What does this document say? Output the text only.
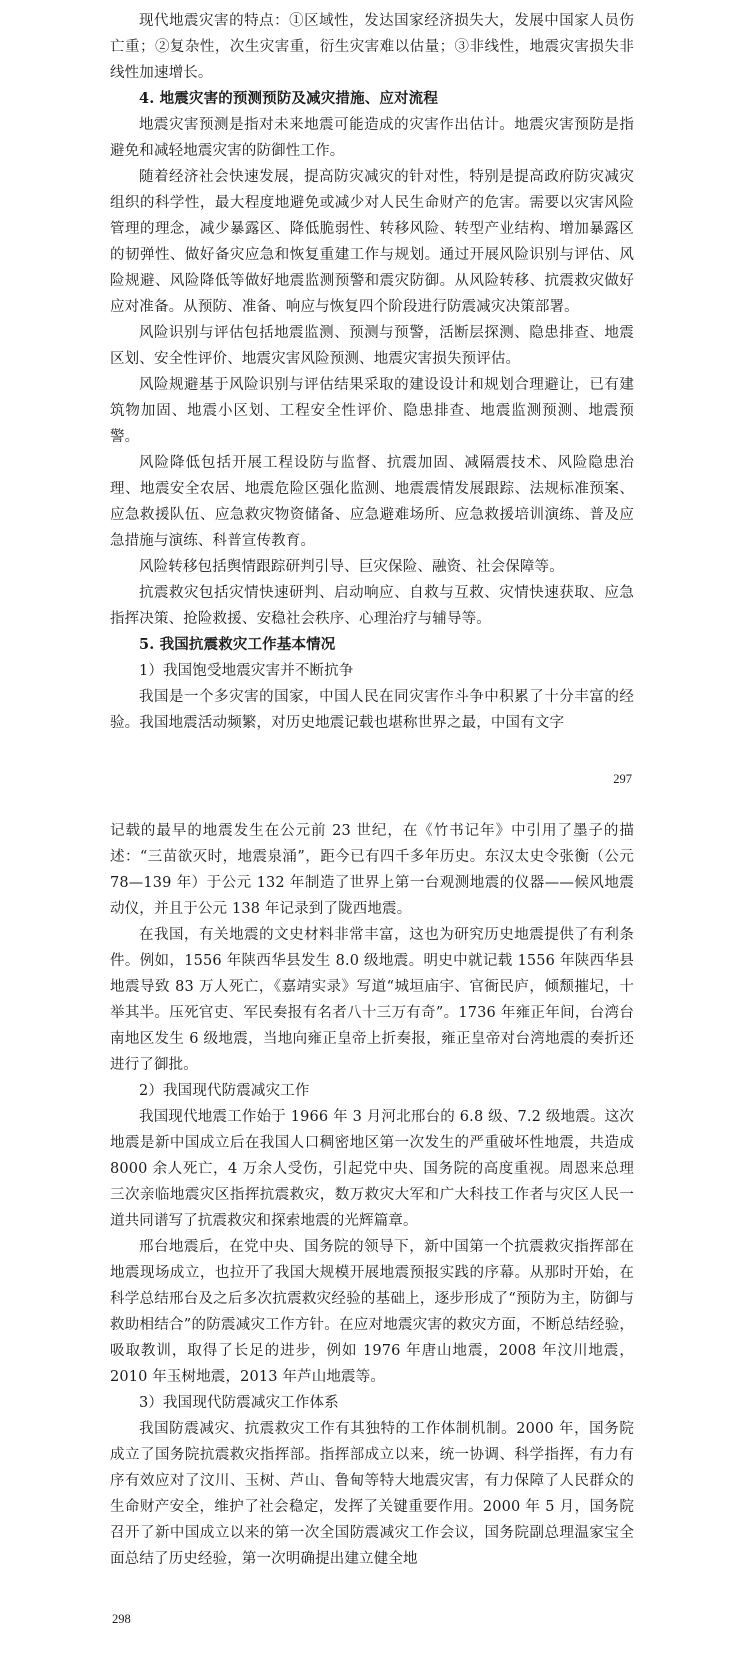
现代地震灾害的特点：①区域性，发达国家经济损失大，发展中国家人员伤亡重；②复杂性，次生灾害重，衍生灾害难以估量；③非线性，地震灾害损失非线性加速增长。

4. 地震灾害的预测预防及减灾措施、应对流程

地震灾害预测是指对未来地震可能造成的灾害作出估计。地震灾害预防是指避免和减轻地震灾害的防御性工作。

随着经济社会快速发展，提高防灾减灾的针对性，特别是提高政府防灾减灾组织的科学性，最大程度地避免或减少对人民生命财产的危害。需要以灾害风险管理的理念，减少暴露区、降低脆弱性、转移风险、转型产业结构、增加暴露区的韧弹性、做好备灾应急和恢复重建工作与规划。通过开展风险识别与评估、风险规避、风险降低等做好地震监测预警和震灾防御。从风险转移、抗震救灾做好应对准备。从预防、准备、响应与恢复四个阶段进行防震减灾决策部署。

风险识别与评估包括地震监测、预测与预警，活断层探测、隐患排查、地震区划、安全性评价、地震灾害风险预测、地震灾害损失预评估。

风险规避基于风险识别与评估结果采取的建设设计和规划合理避让，已有建筑物加固、地震小区划、工程安全性评价、隐患排查、地震监测预测、地震预警。

风险降低包括开展工程设防与监督、抗震加固、减隔震技术、风险隐患治理、地震安全农居、地震危险区强化监测、地震震情发展跟踪、法规标准预案、应急救援队伍、应急救灾物资储备、应急避难场所、应急救援培训演练、普及应急措施与演练、科普宣传教育。

风险转移包括舆情跟踪研判引导、巨灾保险、融资、社会保障等。

抗震救灾包括灾情快速研判、启动响应、自救与互救、灾情快速获取、应急指挥决策、抢险救援、安稳社会秩序、心理治疗与辅导等。

5. 我国抗震救灾工作基本情况

1）我国饱受地震灾害并不断抗争

我国是一个多灾害的国家，中国人民在同灾害作斗争中积累了十分丰富的经验。我国地震活动频繁，对历史地震记载也堪称世界之最，中国有文字

297

记载的最早的地震发生在公元前 23 世纪，在《竹书记年》中引用了墨子的描述：“三苗欲灭时，地震泉涌”，距今已有四千多年历史。东汉太史令张衡（公元 78—139 年）于公元 132 年制造了世界上第一台观测地震的仪器——候风地震动仪，并且于公元 138 年记录到了陇西地震。

在我国，有关地震的文史材料非常丰富，这也为研究历史地震提供了有利条件。例如，1556 年陕西华县发生 8.0 级地震。明史中就记载 1556 年陕西华县地震导致 83 万人死亡，《嘉靖实录》写道“城垣庙宇、官衙民庐，倾颓摧圮，十举其半。压死官吏、军民奏报有名者八十三万有奇”。1736 年雍正年间，台湾台南地区发生 6 级地震，当地向雍正皇帝上折奏报，雍正皇帝对台湾地震的奏折还进行了御批。

2）我国现代防震减灾工作

我国现代地震工作始于 1966 年 3 月河北邢台的 6.8 级、7.2 级地震。这次地震是新中国成立后在我国人口稠密地区第一次发生的严重破坏性地震，共造成 8000 余人死亡，4 万余人受伤，引起党中央、国务院的高度重视。周恩来总理三次亲临地震灾区指挥抗震救灾，数万救灾大军和广大科技工作者与灾区人民一道共同谱写了抗震救灾和探索地震的光辉篇章。

邢台地震后，在党中央、国务院的领导下，新中国第一个抗震救灾指挥部在地震现场成立，也拉开了我国大规模开展地震预报实践的序幕。从那时开始，在科学总结邢台及之后多次抗震救灾经验的基础上，逐步形成了“预防为主，防御与救助相结合”的防震减灾工作方针。在应对地震灾害的救灾方面，不断总结经验，吸取教训，取得了长足的进步，例如 1976 年唐山地震，2008 年汶川地震，2010 年玉树地震，2013 年芦山地震等。

3）我国现代防震减灾工作体系

我国防震减灾、抗震救灾工作有其独特的工作体制机制。2000 年，国务院成立了国务院抗震救灾指挥部。指挥部成立以来，统一协调、科学指挥，有力有序有效应对了汶川、玉树、芦山、鲁甸等特大地震灾害，有力保障了人民群众的生命财产安全，维护了社会稳定，发挥了关键重要作用。2000 年 5 月，国务院召开了新中国成立以来的第一次全国防震减灾工作会议，国务院副总理温家宝全面总结了历史经验，第一次明确提出建立健全地

298
